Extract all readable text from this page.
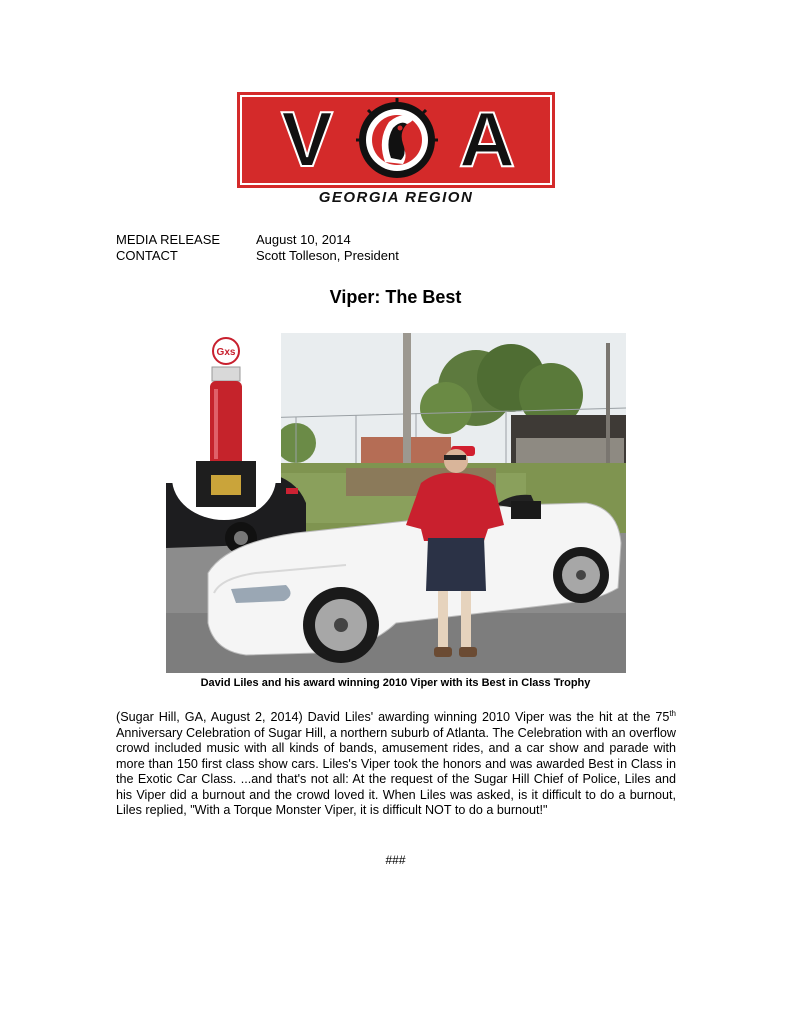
V A
GEORGIA REGION
MEDIA RELEASE	August 10, 2014
CONTACT	Scott Tolleson, President
Viper: The Best
Gxs
David Liles and his award winning 2010 Viper with its Best in Class Trophy
(Sugar Hill, GA, August 2, 2014) David Liles' awarding winning 2010 Viper was the hit at the 75th Anniversary Celebration of Sugar Hill, a northern suburb of Atlanta. The Celebration with an overflow crowd included music with all kinds of bands, amusement rides, and a car show and parade with more than 150 first class show cars. Liles's Viper took the honors and was awarded Best in Class in the Exotic Car Class. ...and that's not all: At the request of the Sugar Hill Chief of Police, Liles and his Viper did a burnout and the crowd loved it. When Liles was asked, is it difficult to do a burnout, Liles replied, "With a Torque Monster Viper, it is difficult NOT to do a burnout!"
###
